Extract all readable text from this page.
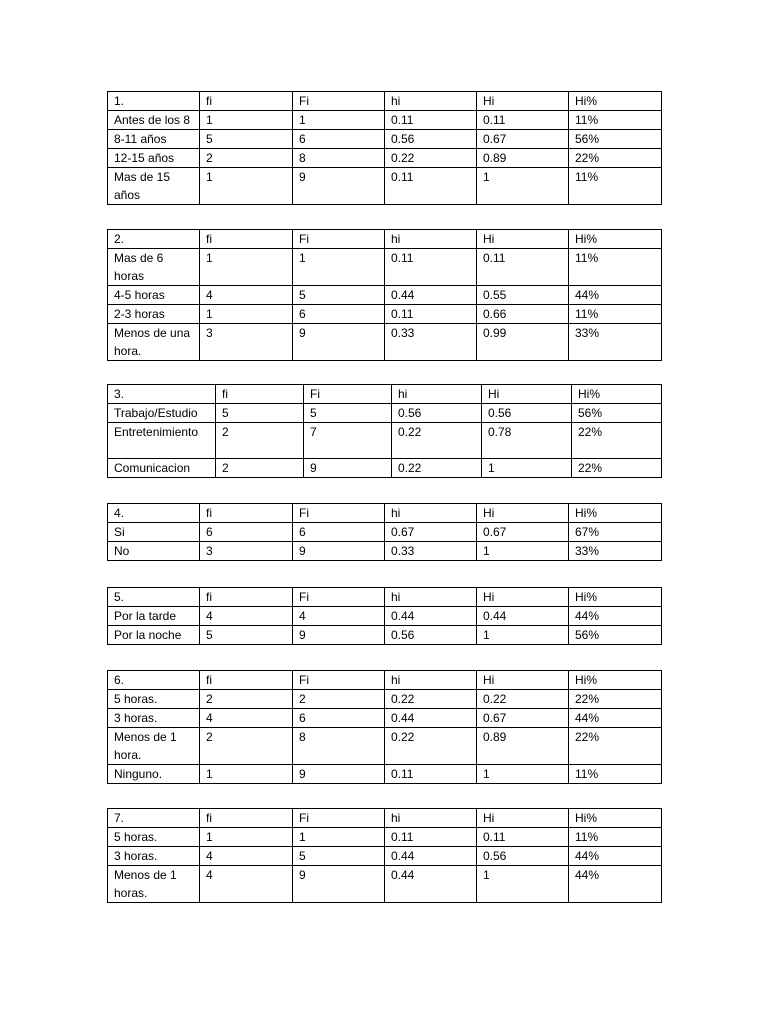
1.	fi	Fi	hi	Hi	Hi%
Antes de los 8	1	1	0.11	0.11	11%
8-11 años	5	6	0.56	0.67	56%
12-15 años	2	8	0.22	0.89	22%
Mas de 15 años	1	9	0.11	1	11%
2.	fi	Fi	hi	Hi	Hi%
Mas de 6 horas	1	1	0.11	0.11	11%
4-5 horas	4	5	0.44	0.55	44%
2-3 horas	1	6	0.11	0.66	11%
Menos de una hora.	3	9	0.33	0.99	33%
3.	fi	Fi	hi	Hi	Hi%
Trabajo/Estudio	5	5	0.56	0.56	56%
Entretenimiento	2	7	0.22	0.78	22%
Comunicacion	2	9	0.22	1	22%
4.	fi	Fi	hi	Hi	Hi%
Si	6	6	0.67	0.67	67%
No	3	9	0.33	1	33%
5.	fi	Fi	hi	Hi	Hi%
Por la tarde	4	4	0.44	0.44	44%
Por la noche	5	9	0.56	1	56%
6.	fi	Fi	hi	Hi	Hi%
5 horas.	2	2	0.22	0.22	22%
3 horas.	4	6	0.44	0.67	44%
Menos de 1 hora.	2	8	0.22	0.89	22%
Ninguno.	1	9	0.11	1	11%
7.	fi	Fi	hi	Hi	Hi%
5 horas.	1	1	0.11	0.11	11%
3 horas.	4	5	0.44	0.56	44%
Menos de 1 horas.	4	9	0.44	1	44%
